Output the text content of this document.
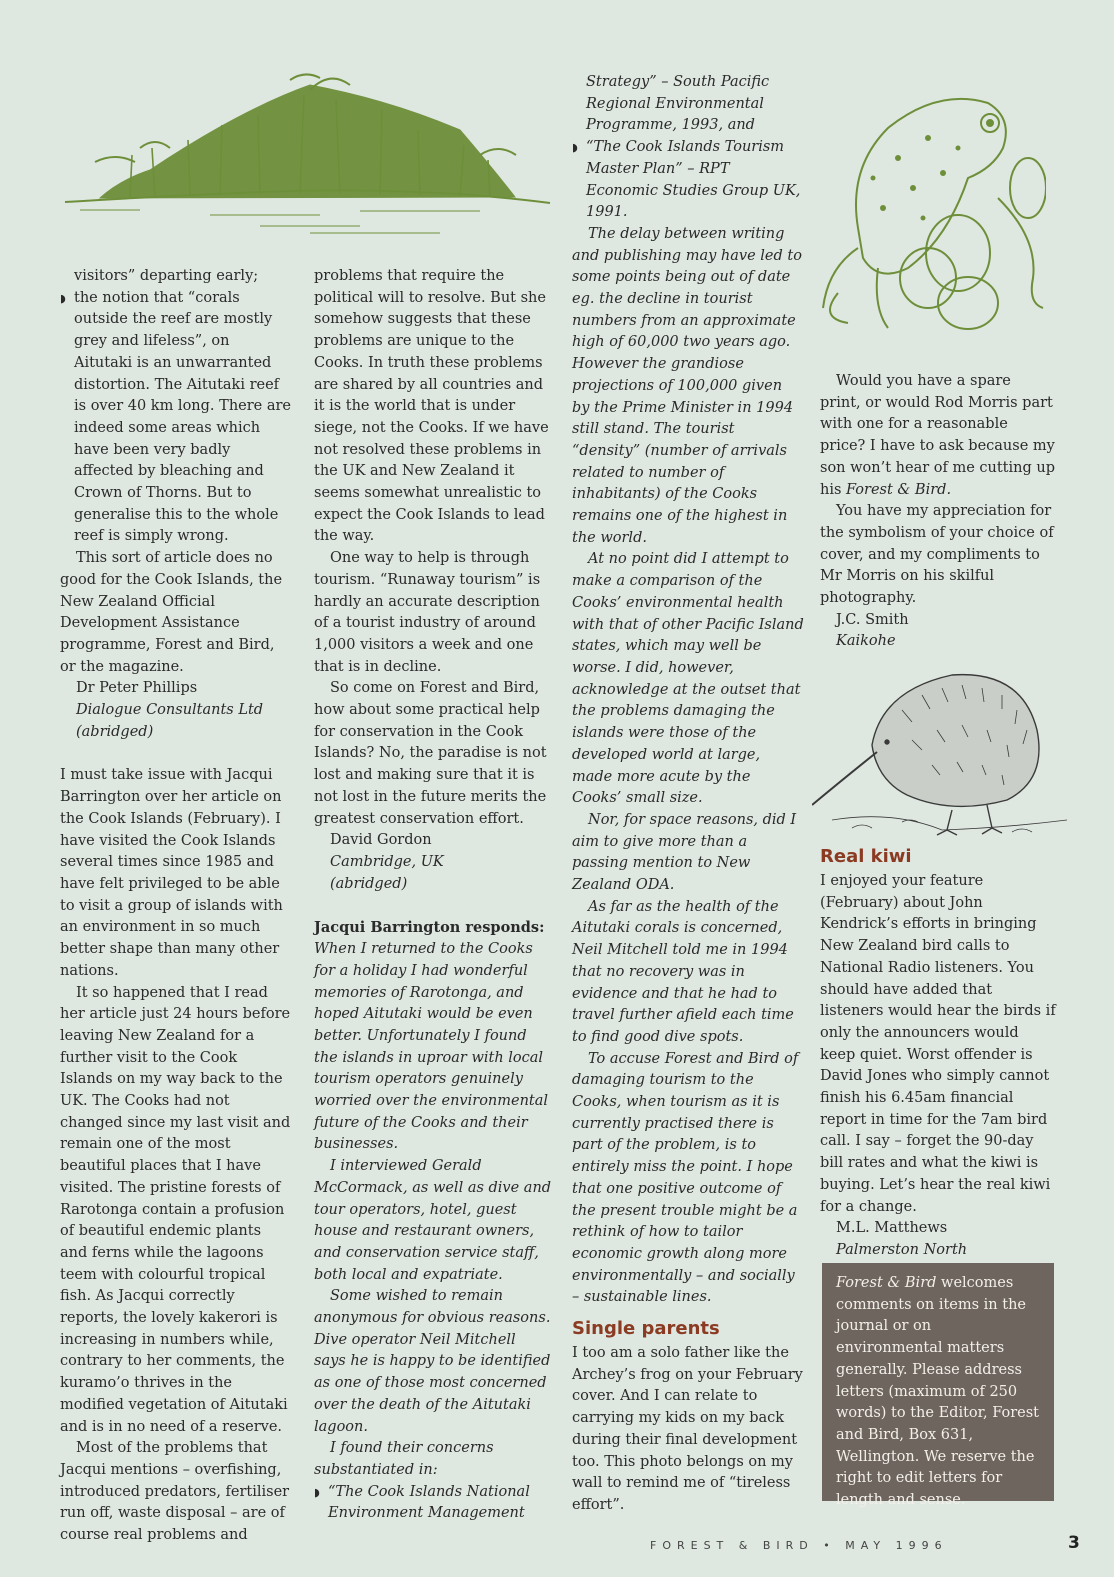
visitors” departing early;

◗ the notion that “corals outside the reef are mostly grey and lifeless”, on Aitutaki is an unwarranted distortion. The Aitutaki reef is over 40 km long. There are indeed some areas which have been very badly affected by bleaching and Crown of Thorns. But to generalise this to the whole reef is simply wrong.

This sort of article does no good for the Cook Islands, the New Zealand Official Development Assistance programme, Forest and Bird, or the magazine.

Dr Peter Phillips

Dialogue Consultants Ltd

(abridged)

I must take issue with Jacqui Barrington over her article on the Cook Islands (February). I have visited the Cook Islands several times since 1985 and have felt privileged to be able to visit a group of islands with an environment in so much better shape than many other nations.

It so happened that I read her article just 24 hours before leaving New Zealand for a further visit to the Cook Islands on my way back to the UK. The Cooks had not changed since my last visit and remain one of the most beautiful places that I have visited. The pristine forests of Rarotonga contain a profusion of beautiful endemic plants and ferns while the lagoons teem with colourful tropical fish. As Jacqui correctly reports, the lovely kakerori is increasing in numbers while, contrary to her comments, the kuramo’o thrives in the modified vegetation of Aitutaki and is in no need of a reserve.

Most of the problems that Jacqui mentions – overfishing, introduced predators, fertiliser run off, waste disposal – are of course real problems and

problems that require the political will to resolve. But she somehow suggests that these problems are unique to the Cooks. In truth these problems are shared by all countries and it is the world that is under siege, not the Cooks. If we have not resolved these problems in the UK and New Zealand it seems somewhat unrealistic to expect the Cook Islands to lead the way.

One way to help is through tourism. “Runaway tourism” is hardly an accurate description of a tourist industry of around 1,000 visitors a week and one that is in decline.

So come on Forest and Bird, how about some practical help for conservation in the Cook Islands? No, the paradise is not lost and making sure that it is not lost in the future merits the greatest conservation effort.

David Gordon

Cambridge, UK

(abridged)

Jacqui Barrington responds:

When I returned to the Cooks for a holiday I had wonderful memories of Rarotonga, and hoped Aitutaki would be even better. Unfortunately I found the islands in uproar with local tourism operators genuinely worried over the environmental future of the Cooks and their businesses.

I interviewed Gerald McCormack, as well as dive and tour operators, hotel, guest house and restaurant owners, and conservation service staff, both local and expatriate.

Some wished to remain anonymous for obvious reasons. Dive operator Neil Mitchell says he is happy to be identified as one of those most concerned over the death of the Aitutaki lagoon.

I found their concerns substantiated in:

◗ “The Cook Islands National Environment Management

Strategy” – South Pacific Regional Environmental Programme, 1993, and

◗ “The Cook Islands Tourism Master Plan” – RPT Economic Studies Group UK, 1991.

The delay between writing and publishing may have led to some points being out of date eg. the decline in tourist numbers from an approximate high of 60,000 two years ago. However the grandiose projections of 100,000 given by the Prime Minister in 1994 still stand. The tourist “density” (number of arrivals related to number of inhabitants) of the Cooks remains one of the highest in the world.

At no point did I attempt to make a comparison of the Cooks’ environmental health with that of other Pacific Island states, which may well be worse. I did, however, acknowledge at the outset that the problems damaging the islands were those of the developed world at large, made more acute by the Cooks’ small size.

Nor, for space reasons, did I aim to give more than a passing mention to New Zealand ODA.

As far as the health of the Aitutaki corals is concerned, Neil Mitchell told me in 1994 that no recovery was in evidence and that he had to travel further afield each time to find good dive spots.

To accuse Forest and Bird of damaging tourism to the Cooks, when tourism as it is currently practised there is part of the problem, is to entirely miss the point. I hope that one positive outcome of the present trouble might be a rethink of how to tailor economic growth along more environmentally – and socially – sustainable lines.

Single parents

I too am a solo father like the Archey’s frog on your February cover. And I can relate to carrying my kids on my back during their final development too. This photo belongs on my wall to remind me of “tireless effort”.

Would you have a spare print, or would Rod Morris part with one for a reasonable price? I have to ask because my son won’t hear of me cutting up his Forest & Bird.

You have my appreciation for the symbolism of your choice of cover, and my compliments to Mr Morris on his skilful photography.

J.C. Smith

Kaikohe

Real kiwi

I enjoyed your feature (February) about John Kendrick’s efforts in bringing New Zealand bird calls to National Radio listeners. You should have added that listeners would hear the birds if only the announcers would keep quiet. Worst offender is David Jones who simply cannot finish his 6.45am financial report in time for the 7am bird call. I say – forget the 90-day bill rates and what the kiwi is buying. Let’s hear the real kiwi for a change.

M.L. Matthews

Palmerston North

Forest & Bird welcomes comments on items in the journal or on environmental matters generally. Please address letters (maximum of 250 words) to the Editor, Forest and Bird, Box 631, Wellington. We reserve the right to edit letters for length and sense.
FOREST & BIRD • MAY 1996	3
